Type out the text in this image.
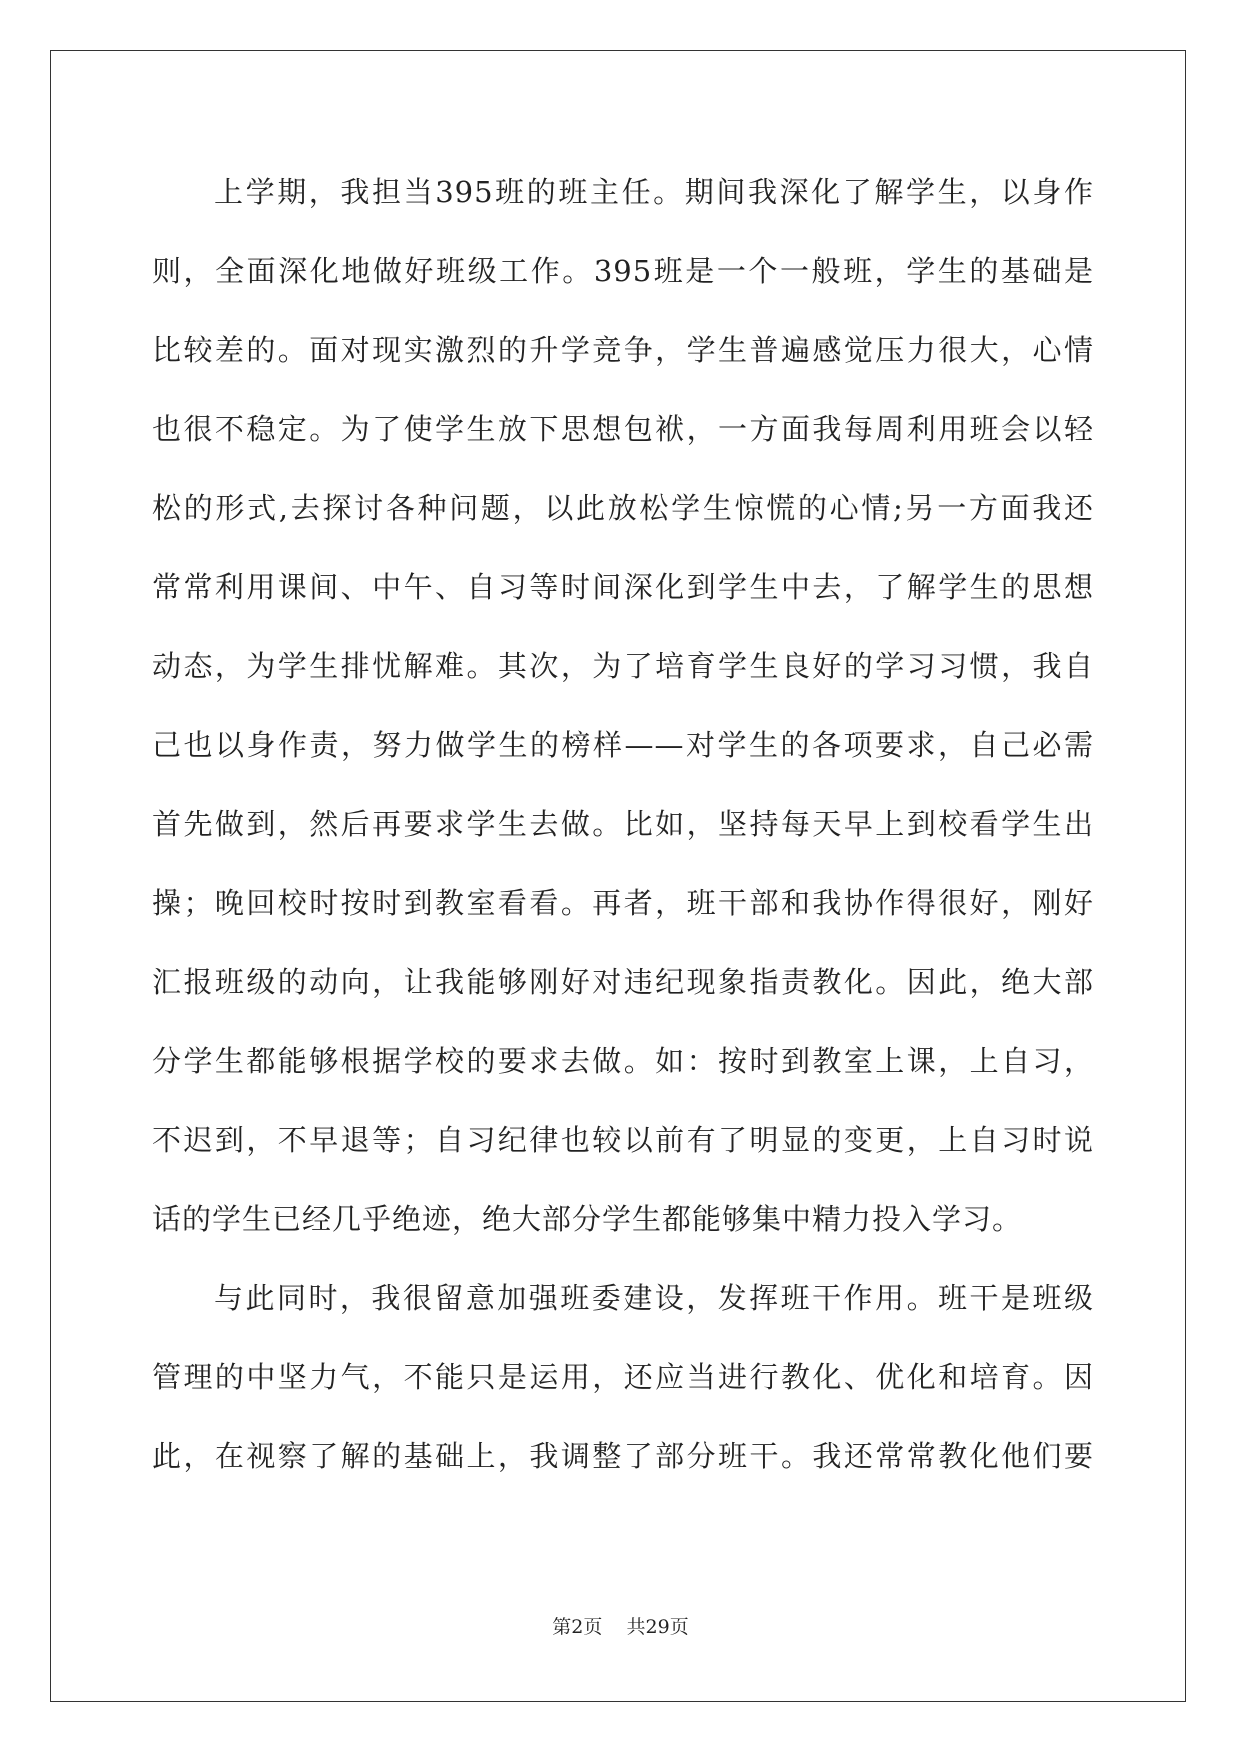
上学期，我担当395班的班主任。期间我深化了解学生，以身作
则，全面深化地做好班级工作。395班是一个一般班，学生的基础是
比较差的。面对现实激烈的升学竞争，学生普遍感觉压力很大，心情
也很不稳定。为了使学生放下思想包袱，一方面我每周利用班会以轻
松的形式,去探讨各种问题，以此放松学生惊慌的心情;另一方面我还
常常利用课间、中午、自习等时间深化到学生中去，了解学生的思想
动态，为学生排忧解难。其次，为了培育学生良好的学习习惯，我自
己也以身作责，努力做学生的榜样——对学生的各项要求，自己必需
首先做到，然后再要求学生去做。比如，坚持每天早上到校看学生出
操；晚回校时按时到教室看看。再者，班干部和我协作得很好，刚好
汇报班级的动向，让我能够刚好对违纪现象指责教化。因此，绝大部
分学生都能够根据学校的要求去做。如：按时到教室上课，上自习，
不迟到，不早退等；自习纪律也较以前有了明显的变更，上自习时说
话的学生已经几乎绝迹，绝大部分学生都能够集中精力投入学习。
与此同时，我很留意加强班委建设，发挥班干作用。班干是班级
管理的中坚力气，不能只是运用，还应当进行教化、优化和培育。因
此，在视察了解的基础上，我调整了部分班干。我还常常教化他们要
第2页 共29页
